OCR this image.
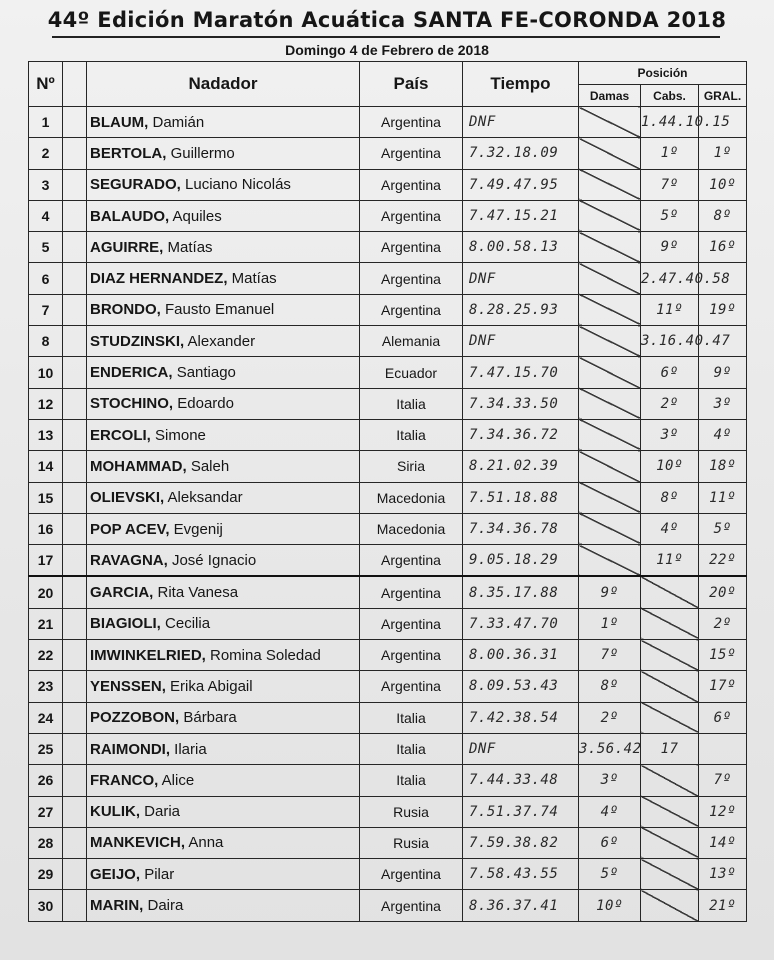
44º Edición Maratón Acuática SANTA FE-CORONDA 2018
Domingo 4 de Febrero de 2018
Nº		Nadador	País	Tiempo	Posición		
					Damas	Cabs.	GRAL.
1		BLAUM, Damián	Argentina	DNF		1.44.10.15	
2		BERTOLA, Guillermo	Argentina	7.32.18.09		1º	1º
3		SEGURADO, Luciano Nicolás	Argentina	7.49.47.95		7º	10º
4		BALAUDO, Aquiles	Argentina	7.47.15.21		5º	8º
5		AGUIRRE, Matías	Argentina	8.00.58.13		9º	16º
6		DIAZ HERNANDEZ, Matías	Argentina	DNF		2.47.40.58	
7		BRONDO, Fausto Emanuel	Argentina	8.28.25.93		11º	19º
8		STUDZINSKI, Alexander	Alemania	DNF		3.16.40.47	
10		ENDERICA, Santiago	Ecuador	7.47.15.70		6º	9º
12		STOCHINO, Edoardo	Italia	7.34.33.50		2º	3º
13		ERCOLI, Simone	Italia	7.34.36.72		3º	4º
14		MOHAMMAD, Saleh	Siria	8.21.02.39		10º	18º
15		OLIEVSKI, Aleksandar	Macedonia	7.51.18.88		8º	11º
16		POP ACEV, Evgenij	Macedonia	7.34.36.78		4º	5º
17		RAVAGNA, José Ignacio	Argentina	9.05.18.29		11º	22º
20		GARCIA, Rita Vanesa	Argentina	8.35.17.88	9º		20º
21		BIAGIOLI, Cecilia	Argentina	7.33.47.70	1º		2º
22		IMWINKELRIED, Romina Soledad	Argentina	8.00.36.31	7º		15º
23		YENSSEN, Erika Abigail	Argentina	8.09.53.43	8º		17º
24		POZZOBON, Bárbara	Italia	7.42.38.54	2º		6º
25		RAIMONDI, Ilaria	Italia	DNF	3.56.42	17	
26		FRANCO, Alice	Italia	7.44.33.48	3º		7º
27		KULIK, Daria	Rusia	7.51.37.74	4º		12º
28		MANKEVICH, Anna	Rusia	7.59.38.82	6º		14º
29		GEIJO, Pilar	Argentina	7.58.43.55	5º		13º
30		MARIN, Daira	Argentina	8.36.37.41	10º		21º
